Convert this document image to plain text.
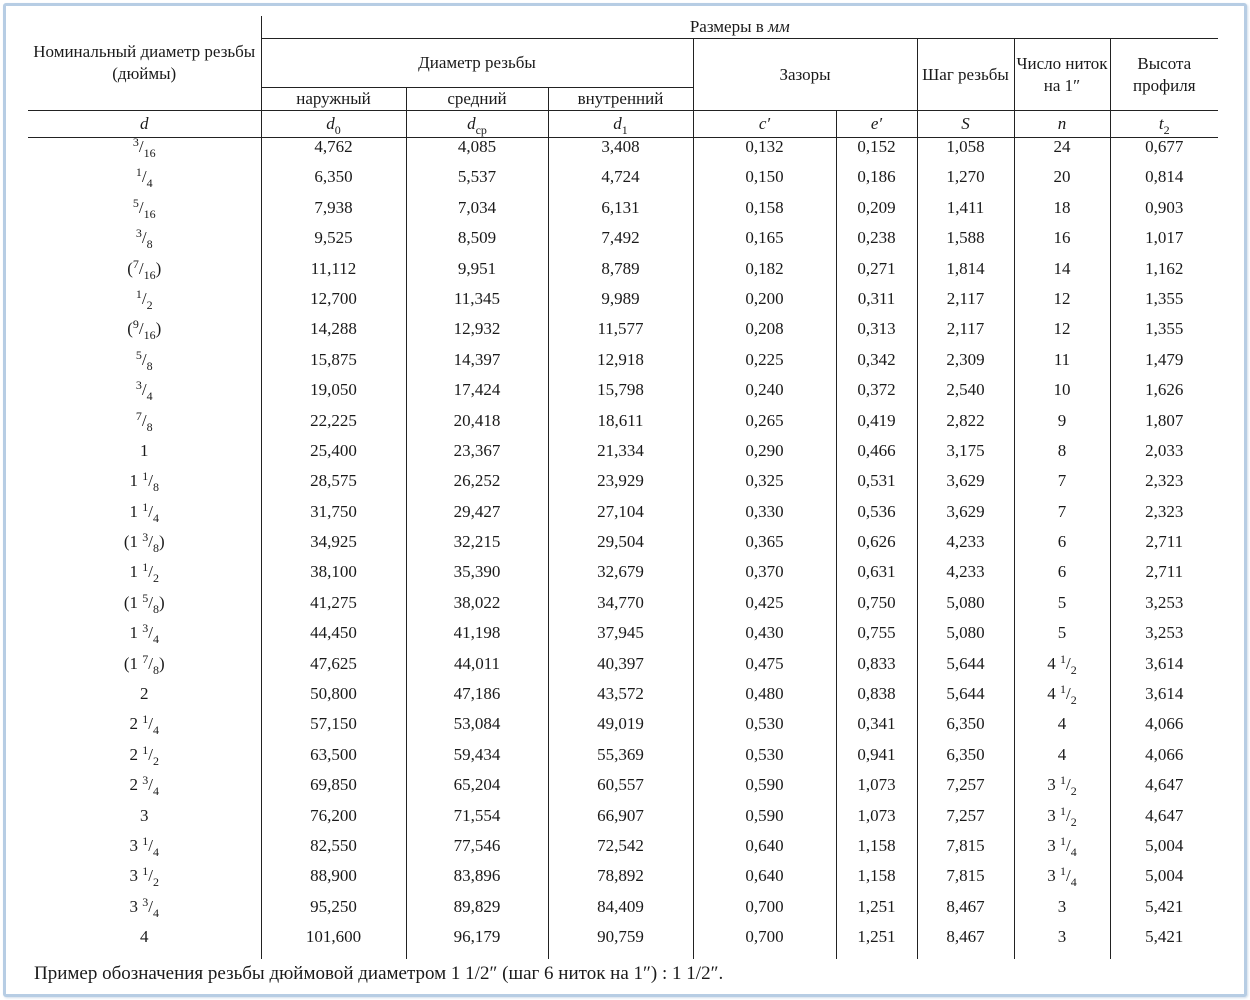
Номинальный диаметр резьбы (дюймы)	Размеры в мм							
	Диаметр резьбы			Зазоры		Шаг резьбы	Число ниток на 1″	Высота профиля
	наружный	средний	внутренний					
d	$d_0$	$d_{ср}$	$d_1$	c′	e′	S	n	$t_2$
$^3/_{16}$	4,762	4,085	3,408	0,132	0,152	1,058	24	0,677
$^1/_4$	6,350	5,537	4,724	0,150	0,186	1,270	20	0,814
$^5/_{16}$	7,938	7,034	6,131	0,158	0,209	1,411	18	0,903
$^3/_8$	9,525	8,509	7,492	0,165	0,238	1,588	16	1,017
$(^7/_{16})$	11,112	9,951	8,789	0,182	0,271	1,814	14	1,162
$^1/_2$	12,700	11,345	9,989	0,200	0,311	2,117	12	1,355
$(^9/_{16})$	14,288	12,932	11,577	0,208	0,313	2,117	12	1,355
$^5/_8$	15,875	14,397	12,918	0,225	0,342	2,309	11	1,479
$^3/_4$	19,050	17,424	15,798	0,240	0,372	2,540	10	1,626
$^7/_8$	22,225	20,418	18,611	0,265	0,419	2,822	9	1,807
1	25,400	23,367	21,334	0,290	0,466	3,175	8	2,033
1 $^1/_8$	28,575	26,252	23,929	0,325	0,531	3,629	7	2,323
1 $^1/_4$	31,750	29,427	27,104	0,330	0,536	3,629	7	2,323
(1 $^3/_8$)	34,925	32,215	29,504	0,365	0,626	4,233	6	2,711
1 $^1/_2$	38,100	35,390	32,679	0,370	0,631	4,233	6	2,711
(1 $^5/_8$)	41,275	38,022	34,770	0,425	0,750	5,080	5	3,253
1 $^3/_4$	44,450	41,198	37,945	0,430	0,755	5,080	5	3,253
(1 $^7/_8$)	47,625	44,011	40,397	0,475	0,833	5,644	4 $^1/_2$	3,614
2	50,800	47,186	43,572	0,480	0,838	5,644	4 $^1/_2$	3,614
2 $^1/_4$	57,150	53,084	49,019	0,530	0,341	6,350	4	4,066
2 $^1/_2$	63,500	59,434	55,369	0,530	0,941	6,350	4	4,066
2 $^3/_4$	69,850	65,204	60,557	0,590	1,073	7,257	3 $^1/_2$	4,647
3	76,200	71,554	66,907	0,590	1,073	7,257	3 $^1/_2$	4,647
3 $^1/_4$	82,550	77,546	72,542	0,640	1,158	7,815	3 $^1/_4$	5,004
3 $^1/_2$	88,900	83,896	78,892	0,640	1,158	7,815	3 $^1/_4$	5,004
3 $^3/_4$	95,250	89,829	84,409	0,700	1,251	8,467	3	5,421
4	101,600	96,179	90,759	0,700	1,251	8,467	3	5,421
Пример обозначения резьбы дюймовой диаметром 1 1/2″ (шаг 6 ниток на 1″) : 1 1/2″.
